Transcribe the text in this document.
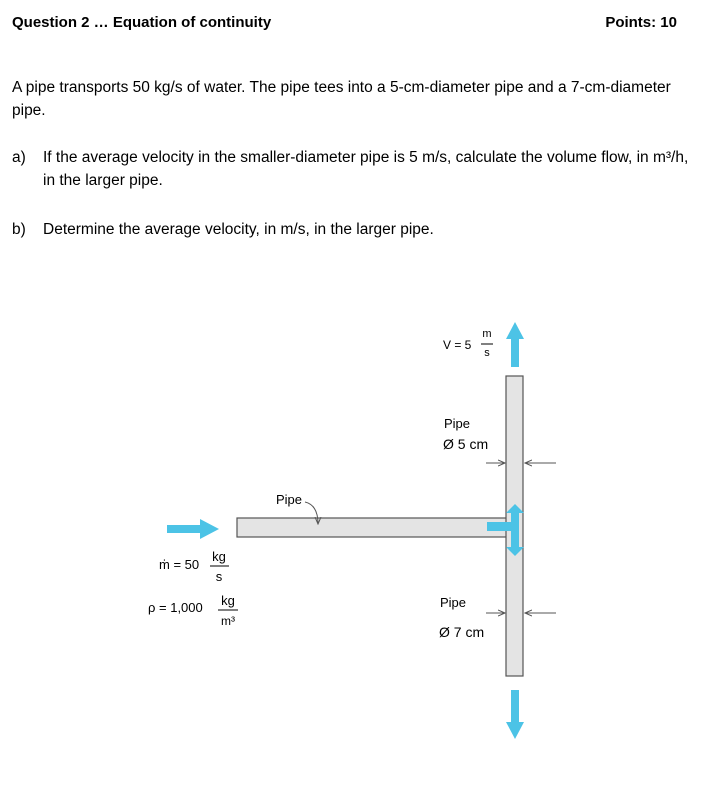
Question 2 … Equation of continuity	Points: 10
A pipe transports 50 kg/s of water. The pipe tees into a 5-cm-diameter pipe and a 7-cm-diameter pipe.
a) If the average velocity in the smaller-diameter pipe is 5 m/s, calculate the volume flow, in m³/h, in the larger pipe.
b) Determine the average velocity, in m/s, in the larger pipe.
V = 5
m
s
Pipe
Ø 5 cm
Pipe
Pipe
Ø 7 cm
ṁ = 50
kg
s
ρ = 1,000 kg
m³
